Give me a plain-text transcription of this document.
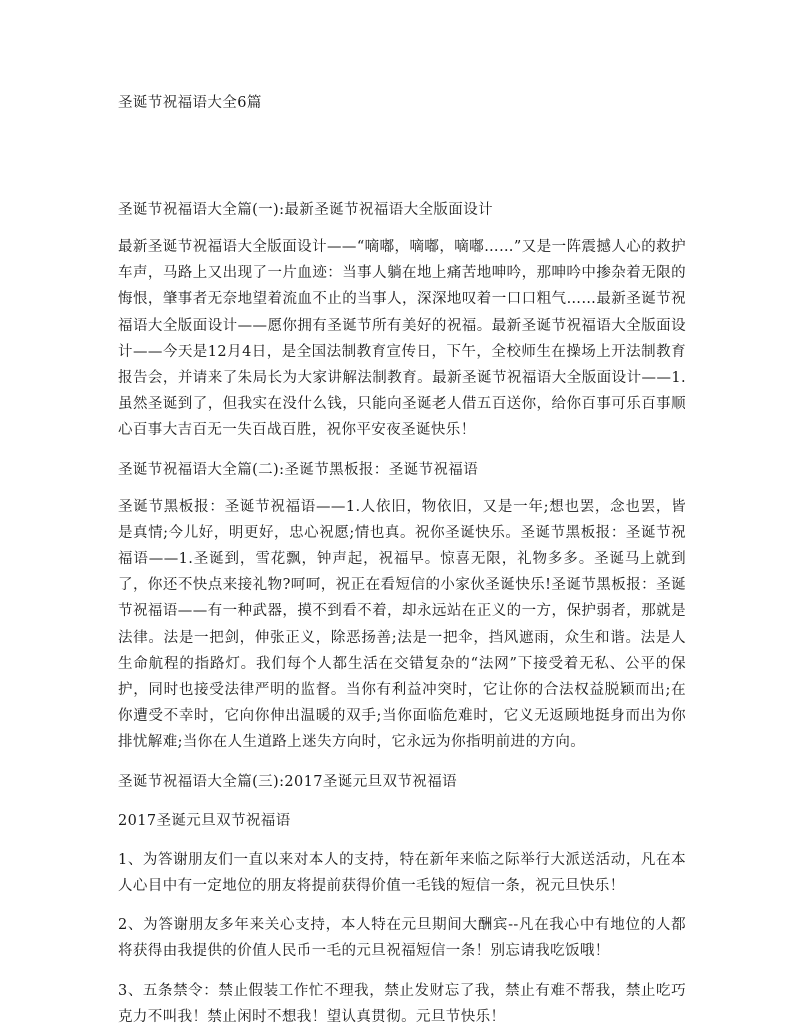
圣诞节祝福语大全6篇
圣诞节祝福语大全篇(一):最新圣诞节祝福语大全版面设计

最新圣诞节祝福语大全版面设计——“嘀嘟，嘀嘟，嘀嘟……”又是一阵震撼人心的救护车声，马路上又出现了一片血迹：当事人躺在地上痛苦地呻吟，那呻吟中掺杂着无限的悔恨，肇事者无奈地望着流血不止的当事人，深深地叹着一口口粗气……最新圣诞节祝福语大全版面设计——愿你拥有圣诞节所有美好的祝福。最新圣诞节祝福语大全版面设计——今天是12月4日，是全国法制教育宣传日，下午，全校师生在操场上开法制教育报告会，并请来了朱局长为大家讲解法制教育。最新圣诞节祝福语大全版面设计——1.虽然圣诞到了，但我实在没什么钱，只能向圣诞老人借五百送你，给你百事可乐百事顺心百事大吉百无一失百战百胜，祝你平安夜圣诞快乐！

圣诞节祝福语大全篇(二):圣诞节黑板报：圣诞节祝福语

圣诞节黑板报：圣诞节祝福语——1.人依旧，物依旧，又是一年;想也罢，念也罢，皆是真情;今儿好，明更好，忠心祝愿;情也真。祝你圣诞快乐。圣诞节黑板报：圣诞节祝福语——1.圣诞到，雪花飘，钟声起，祝福早。惊喜无限，礼物多多。圣诞马上就到了，你还不快点来接礼物?呵呵，祝正在看短信的小家伙圣诞快乐!圣诞节黑板报：圣诞节祝福语——有一种武器，摸不到看不着，却永远站在正义的一方，保护弱者，那就是法律。法是一把剑，伸张正义，除恶扬善;法是一把伞，挡风遮雨，众生和谐。法是人生命航程的指路灯。我们每个人都生活在交错复杂的“法网”下接受着无私、公平的保护，同时也接受法律严明的监督。当你有利益冲突时，它让你的合法权益脱颖而出;在你遭受不幸时，它向你伸出温暖的双手;当你面临危难时，它义无返顾地挺身而出为你排忧解难;当你在人生道路上迷失方向时，它永远为你指明前进的方向。

圣诞节祝福语大全篇(三):2017圣诞元旦双节祝福语

2017圣诞元旦双节祝福语

1、为答谢朋友们一直以来对本人的支持，特在新年来临之际举行大派送活动，凡在本人心目中有一定地位的朋友将提前获得价值一毛钱的短信一条，祝元旦快乐！

2、为答谢朋友多年来关心支持，本人特在元旦期间大酬宾--凡在我心中有地位的人都将获得由我提供的价值人民币一毛的元旦祝福短信一条！别忘请我吃饭哦！

3、五条禁令：禁止假装工作忙不理我，禁止发财忘了我，禁止有难不帮我，禁止吃巧克力不叫我！禁止闲时不想我！望认真贯彻。元旦节快乐！
